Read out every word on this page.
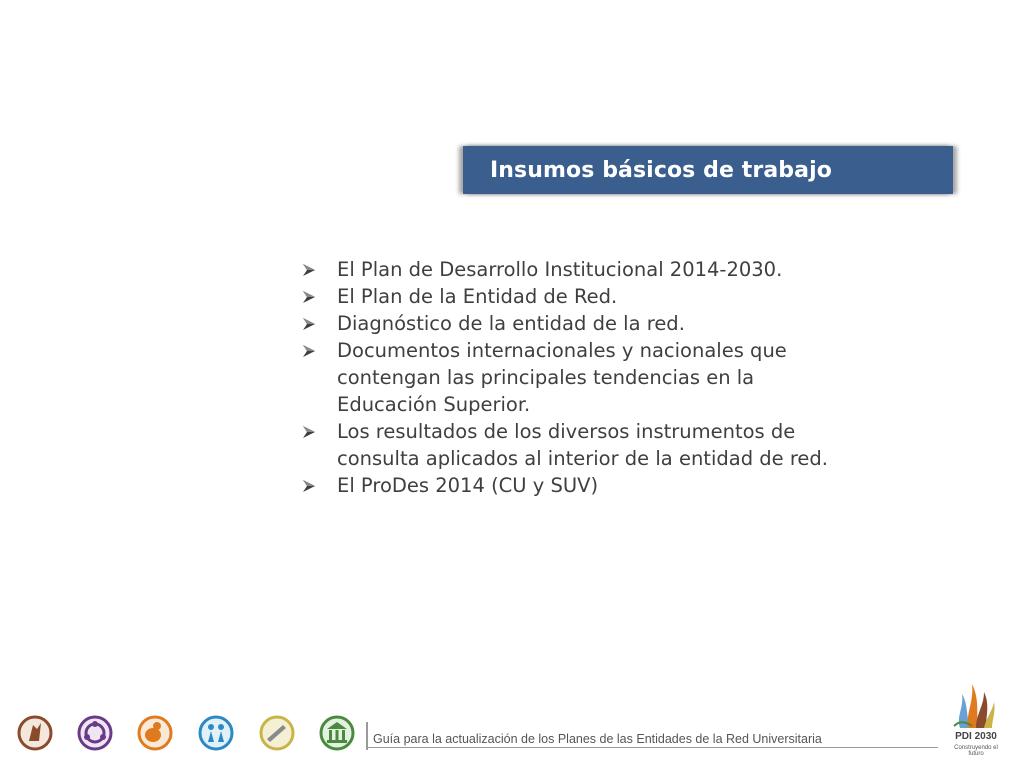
Insumos básicos de trabajo
El Plan de Desarrollo Institucional 2014-2030.
El Plan de la Entidad de Red.
Diagnóstico de la entidad de la red.
Documentos internacionales y nacionales que contengan las principales tendencias en la Educación Superior.
Los resultados de los diversos instrumentos de consulta aplicados al interior de la entidad de red.
El ProDes 2014 (CU y SUV)
Guía para la actualización de los Planes de las Entidades de la Red Universitaria	PDI 2030
Construyendo el futuro
